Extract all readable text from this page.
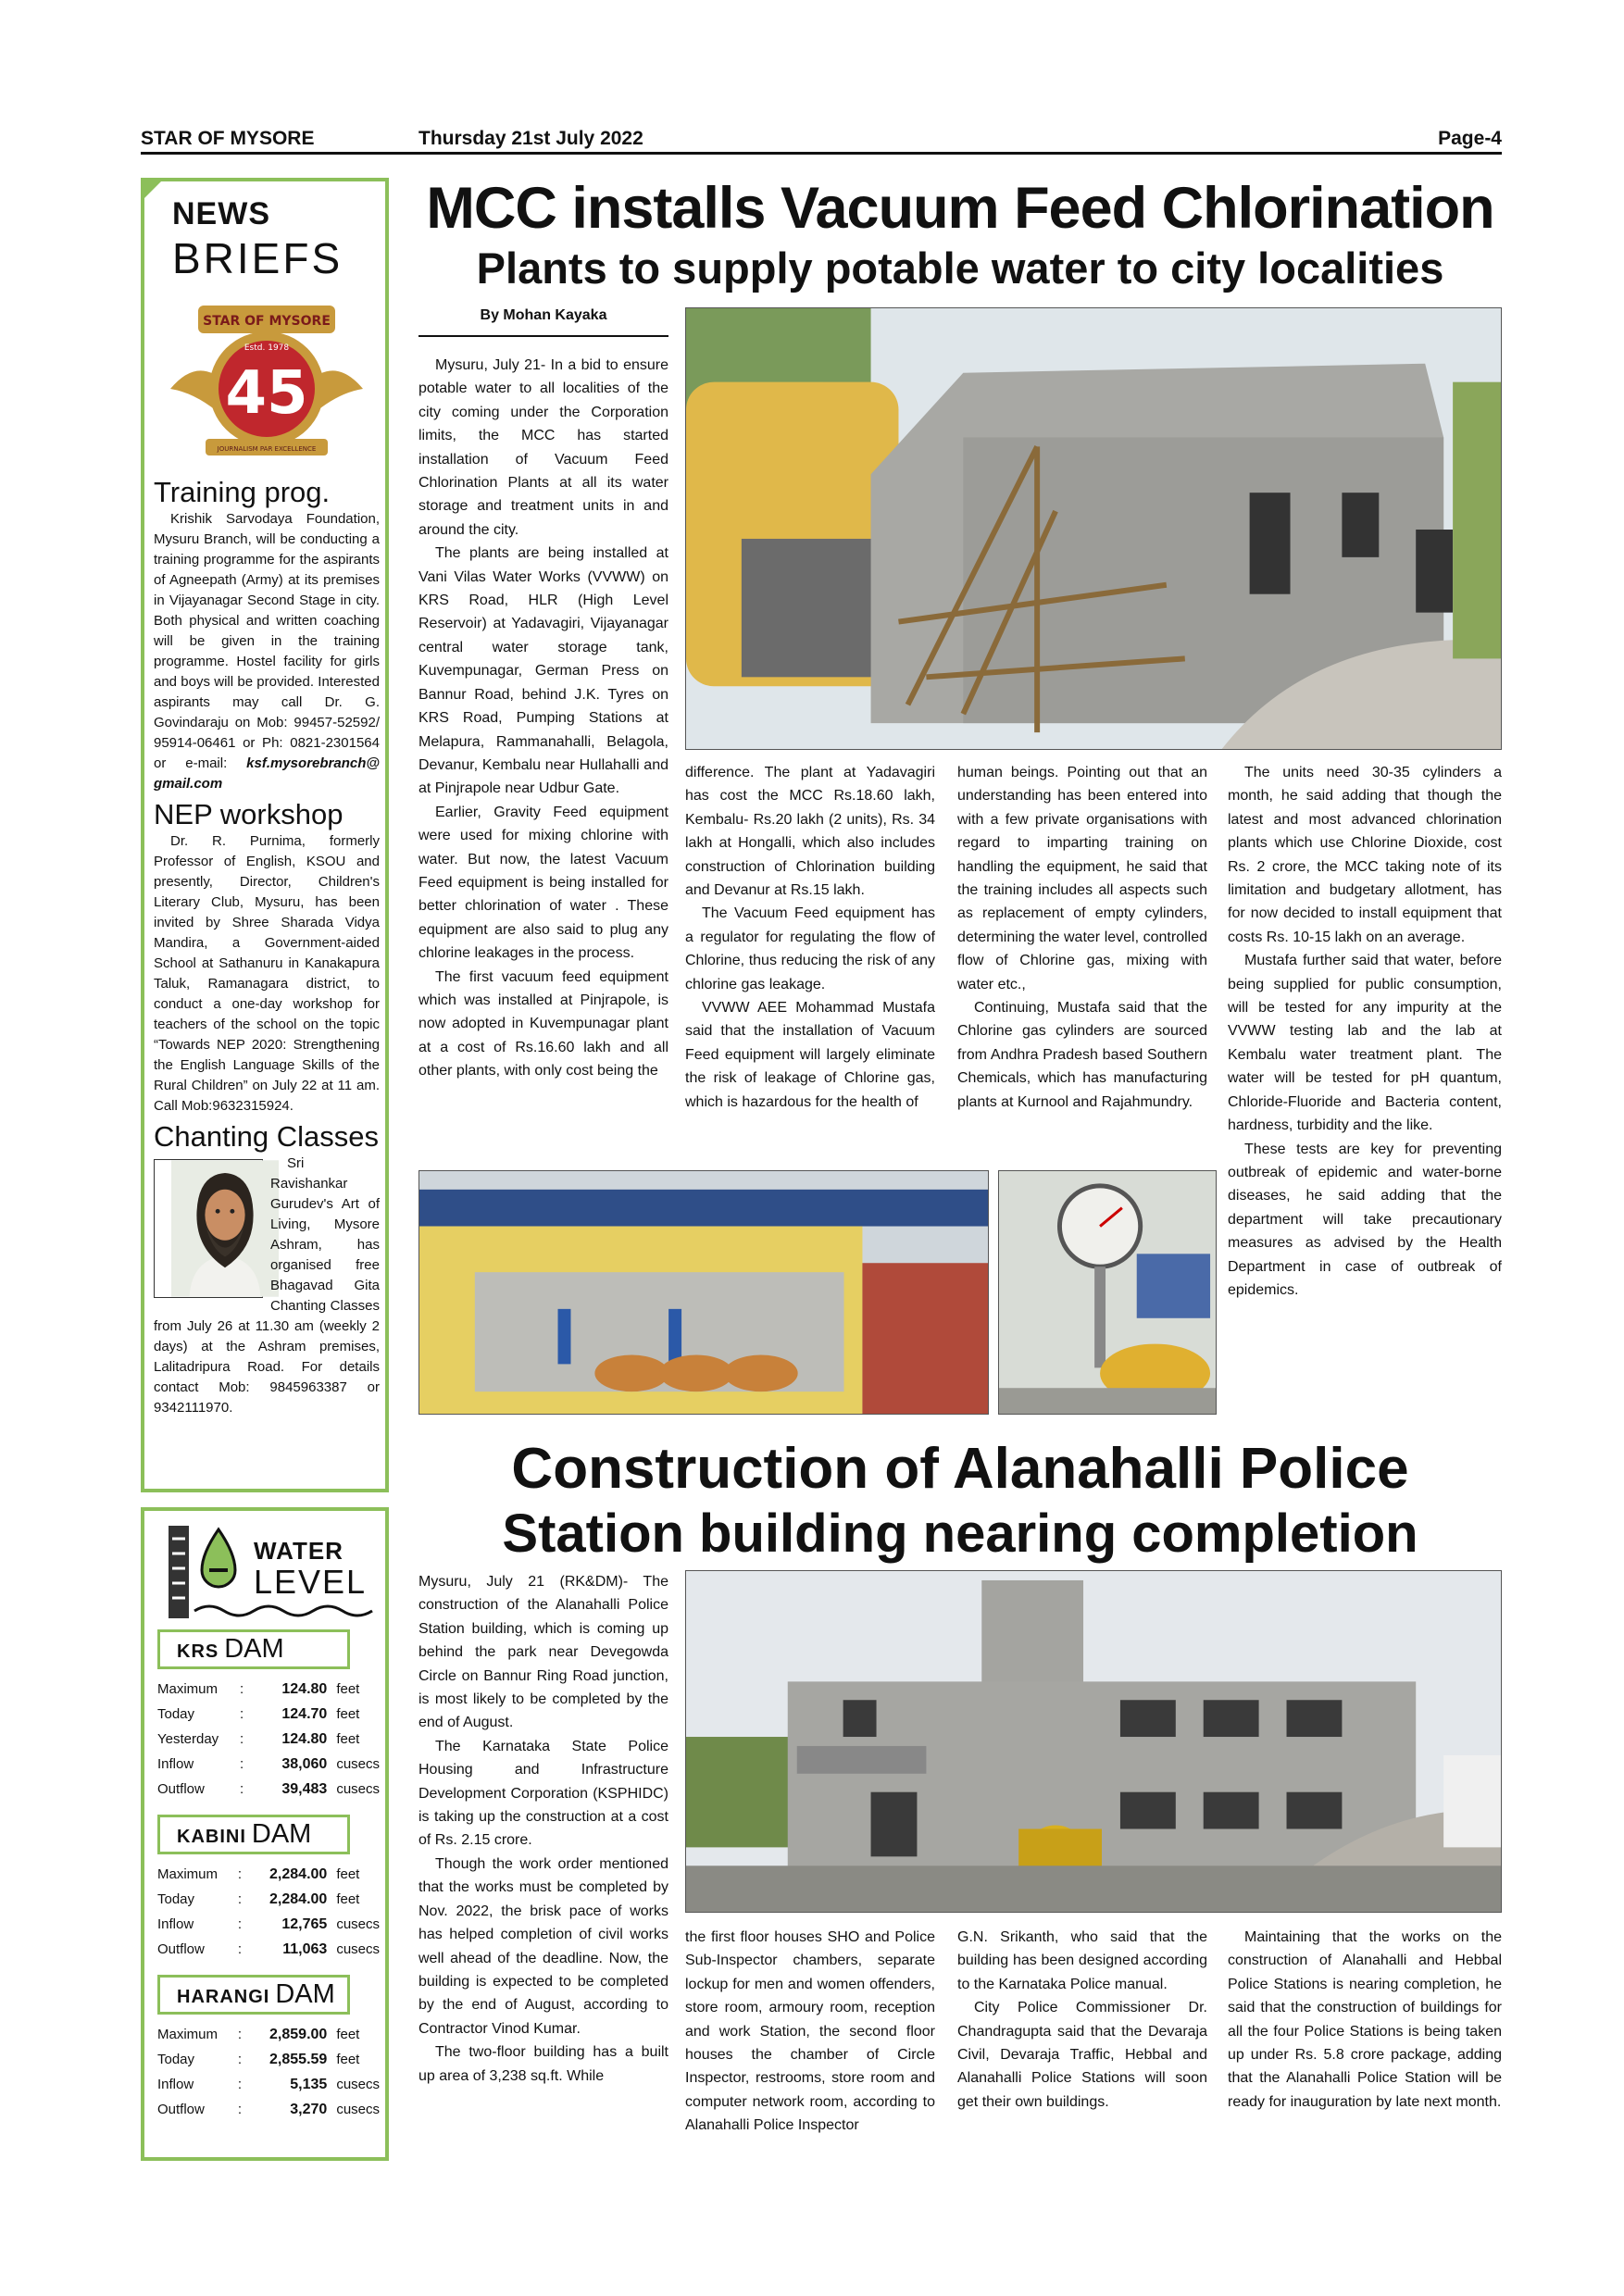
STAR OF MYSORE	Thursday 21st July 2022	Page-4
NEWS
BRIEFS
STAR OF MYSORE
Estd. 1978
45
JOURNALISM PAR EXCELLENCE
Training prog.
Krishik Sarvodaya Foundation, Mysuru Branch, will be conducting a training programme for the aspirants of Agneepath (Army) at its premises in Vijayanagar Second Stage in city. Both physical and written coaching will be given in the training programme. Hostel facility for girls and boys will be provided. Interested aspirants may call Dr. G. Govindaraju on Mob: 99457-52592/ 95914-06461 or Ph: 0821-2301564 or e-mail: ksf.mysorebranch@ gmail.com
NEP workshop
Dr. R. Purnima, formerly Professor of English, KSOU and presently, Director, Children's Literary Club, Mysuru, has been invited by Shree Sharada Vidya Mandira, a Government-aided School at Sathanuru in Kanakapura Taluk, Ramanagara district, to conduct a one-day workshop for teachers of the school on the topic “Towards NEP 2020: Strengthening the English Language Skills of the Rural Children” on July 22 at 11 am. Call Mob:9632315924.
Chanting Classes
Sri Ravishankar Gurudev's Art of Living, Mysore Ashram, has organised free Bhagavad Gita Chanting Classes from July 26 at 11.30 am (weekly 2 days) at the Ashram premises, Lalitadripura Road. For details contact Mob: 9845963387 or 9342111970.
WATER
LEVEL
KRS DAM
Maximum	:	124.80	feet
Today	:	124.70	feet
Yesterday	:	124.80	feet
Inflow	:	38,060	cusecs
Outflow	:	39,483	cusecs
KABINI DAM
Maximum	:	2,284.00	feet
Today	:	2,284.00	feet
Inflow	:	12,765	cusecs
Outflow	:	11,063	cusecs
HARANGI DAM
Maximum	:	2,859.00	feet
Today	:	2,855.59	feet
Inflow	:	5,135	cusecs
Outflow	:	3,270	cusecs
MCC installs Vacuum Feed Chlorination
Plants to supply potable water to city localities
By Mohan Kayaka

Mysuru, July 21- In a bid to ensure potable water to all localities of the city coming under the Corporation limits, the MCC has started installation of Vacuum Feed Chlorination Plants at all its water storage and treatment units in and around the city.

The plants are being installed at Vani Vilas Water Works (VVWW) on KRS Road, HLR (High Level Reservoir) at Yadavagiri, Vijayanagar central water storage tank, Kuvempunagar, German Press on Bannur Road, behind J.K. Tyres on KRS Road, Pumping Stations at Melapura, Rammanahalli, Belagola, Devanur, Kembalu near Hullahalli and at Pinjrapole near Udbur Gate.

Earlier, Gravity Feed equipment were used for mixing chlorine with water. But now, the latest Vacuum Feed equipment is being installed for better chlorination of water . These equipment are also said to plug any chlorine leakages in the process.

The first vacuum feed equipment which was installed at Pinjrapole, is now adopted in Kuvempunagar plant at a cost of Rs.16.60 lakh and all other plants, with only cost being the

difference. The plant at Yadavagiri has cost the MCC Rs.18.60 lakh, Kembalu- Rs.20 lakh (2 units), Rs. 34 lakh at Hongalli, which also includes construction of Chlorination building and Devanur at Rs.15 lakh.

The Vacuum Feed equipment has a regulator for regulating the flow of Chlorine, thus reducing the risk of any chlorine gas leakage.

VVWW AEE Mohammad Mustafa said that the installation of Vacuum Feed equipment will largely eliminate the risk of leakage of Chlorine gas, which is hazardous for the health of

human beings. Pointing out that an understanding has been entered into with a few private organisations with regard to imparting training on handling the equipment, he said that the training includes all aspects such as replacement of empty cylinders, determining the water level, controlled flow of Chlorine gas, mixing with water etc.,

Continuing, Mustafa said that the Chlorine gas cylinders are sourced from Andhra Pradesh based Southern Chemicals, which has manufacturing plants at Kurnool and Rajahmundry.

The units need 30-35 cylinders a month, he said adding that though the latest and most advanced chlorination plants which use Chlorine Dioxide, cost Rs. 2 crore, the MCC taking note of its limitation and budgetary allotment, has for now decided to install equipment that costs Rs. 10-15 lakh on an average.

Mustafa further said that water, before being supplied for public consumption, will be tested for any impurity at the VVWW testing lab and the lab at Kembalu water treatment plant. The water will be tested for pH quantum, Chloride-Fluoride and Bacteria content, hardness, turbidity and the like.

These tests are key for preventing outbreak of epidemic and water-borne diseases, he said adding that the department will take precautionary measures as advised by the Health Department in case of outbreak of epidemics.

Construction of Alanahalli Police
Station building nearing completion

Mysuru, July 21 (RK&DM)- The construction of the Alanahalli Police Station building, which is coming up behind the park near Devegowda Circle on Bannur Ring Road junction, is most likely to be completed by the end of August.

The Karnataka State Police Housing and Infrastructure Development Corporation (KSPHIDC) is taking up the construction at a cost of Rs. 2.15 crore.

Though the work order mentioned that the works must be completed by Nov. 2022, the brisk pace of works has helped completion of civil works well ahead of the deadline. Now, the building is expected to be completed by the end of August, according to Contractor Vinod Kumar.

The two-floor building has a built up area of 3,238 sq.ft. While

the first floor houses SHO and Police Sub-Inspector chambers, separate lockup for men and women offenders, store room, armoury room, reception and work Station, the second floor houses the chamber of Circle Inspector, restrooms, store room and computer network room, according to Alanahalli Police Inspector

G.N. Srikanth, who said that the building has been designed according to the Karnataka Police manual.

City Police Commissioner Dr. Chandragupta said that the Devaraja Civil, Devaraja Traffic, Hebbal and Alanahalli Police Stations will soon get their own buildings.

Maintaining that the works on the construction of Alanahalli and Hebbal Police Stations is nearing completion, he said that the construction of buildings for all the four Police Stations is being taken up under Rs. 5.8 crore package, adding that the Alanahalli Police Station will be ready for inauguration by late next month.
